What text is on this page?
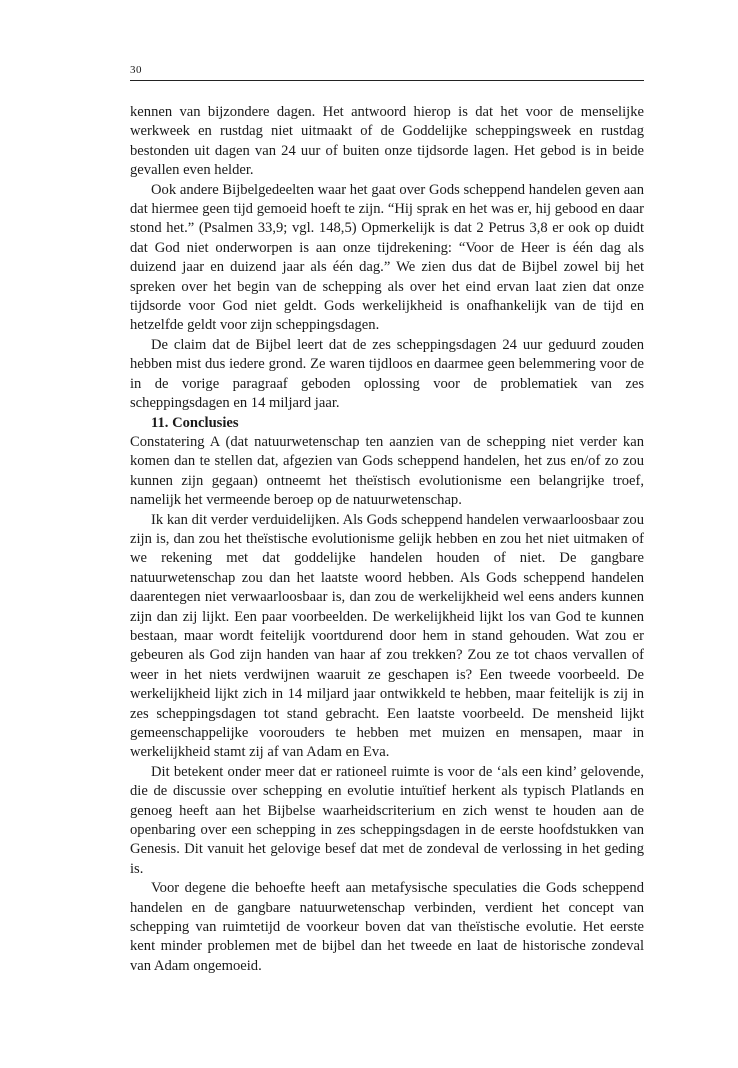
30

kennen van bijzondere dagen. Het antwoord hierop is dat het voor de menselijke werkweek en rustdag niet uitmaakt of de Goddelijke scheppingsweek en rustdag bestonden uit dagen van 24 uur of buiten onze tijdsorde lagen. Het gebod is in beide gevallen even helder.

Ook andere Bijbelgedeelten waar het gaat over Gods scheppend handelen geven aan dat hiermee geen tijd gemoeid hoeft te zijn. “Hij sprak en het was er, hij gebood en daar stond het.” (Psalmen 33,9; vgl. 148,5) Opmerkelijk is dat 2 Petrus 3,8 er ook op duidt dat God niet onderworpen is aan onze tijdrekening: “Voor de Heer is één dag als duizend jaar en duizend jaar als één dag.” We zien dus dat de Bijbel zowel bij het spreken over het begin van de schepping als over het eind ervan laat zien dat onze tijdsorde voor God niet geldt. Gods werkelijkheid is onafhankelijk van de tijd en hetzelfde geldt voor zijn scheppingsdagen.

De claim dat de Bijbel leert dat de zes scheppingsdagen 24 uur geduurd zouden hebben mist dus iedere grond. Ze waren tijdloos en daarmee geen belemmering voor de in de vorige paragraaf geboden oplossing voor de problematiek van zes scheppingsdagen en 14 miljard jaar.

11. Conclusies

Constatering A (dat natuurwetenschap ten aanzien van de schepping niet verder kan komen dan te stellen dat, afgezien van Gods scheppend handelen, het zus en/of zo zou kunnen zijn gegaan) ontneemt het theïstisch evolutionisme een belangrijke troef, namelijk het vermeende beroep op de natuurwetenschap.

Ik kan dit verder verduidelijken. Als Gods scheppend handelen verwaarloosbaar zou zijn is, dan zou het theïstische evolutionisme gelijk hebben en zou het niet uitmaken of we rekening met dat goddelijke handelen houden of niet. De gangbare natuurwetenschap zou dan het laatste woord hebben. Als Gods scheppend handelen daarentegen niet verwaarloosbaar is, dan zou de werkelijkheid wel eens anders kunnen zijn dan zij lijkt. Een paar voorbeelden. De werkelijkheid lijkt los van God te kunnen bestaan, maar wordt feitelijk voortdurend door hem in stand gehouden. Wat zou er gebeuren als God zijn handen van haar af zou trekken? Zou ze tot chaos vervallen of weer in het niets verdwijnen waaruit ze geschapen is? Een tweede voorbeeld. De werkelijkheid lijkt zich in 14 miljard jaar ontwikkeld te hebben, maar feitelijk is zij in zes scheppingsdagen tot stand gebracht. Een laatste voorbeeld. De mensheid lijkt gemeenschappelijke voorouders te hebben met muizen en mensapen, maar in werkelijkheid stamt zij af van Adam en Eva.

Dit betekent onder meer dat er rationeel ruimte is voor de ‘als een kind’ gelovende, die de discussie over schepping en evolutie intuïtief herkent als typisch Platlands en genoeg heeft aan het Bijbelse waarheidscriterium en zich wenst te houden aan de openbaring over een schepping in zes scheppingsdagen in de eerste hoofdstukken van Genesis. Dit vanuit het gelovige besef dat met de zondeval de verlossing in het geding is.

Voor degene die behoefte heeft aan metafysische speculaties die Gods scheppend handelen en de gangbare natuurwetenschap verbinden, verdient het concept van schepping van ruimtetijd de voorkeur boven dat van theïstische evolutie. Het eerste kent minder problemen met de bijbel dan het tweede en laat de historische zondeval van Adam ongemoeid.
